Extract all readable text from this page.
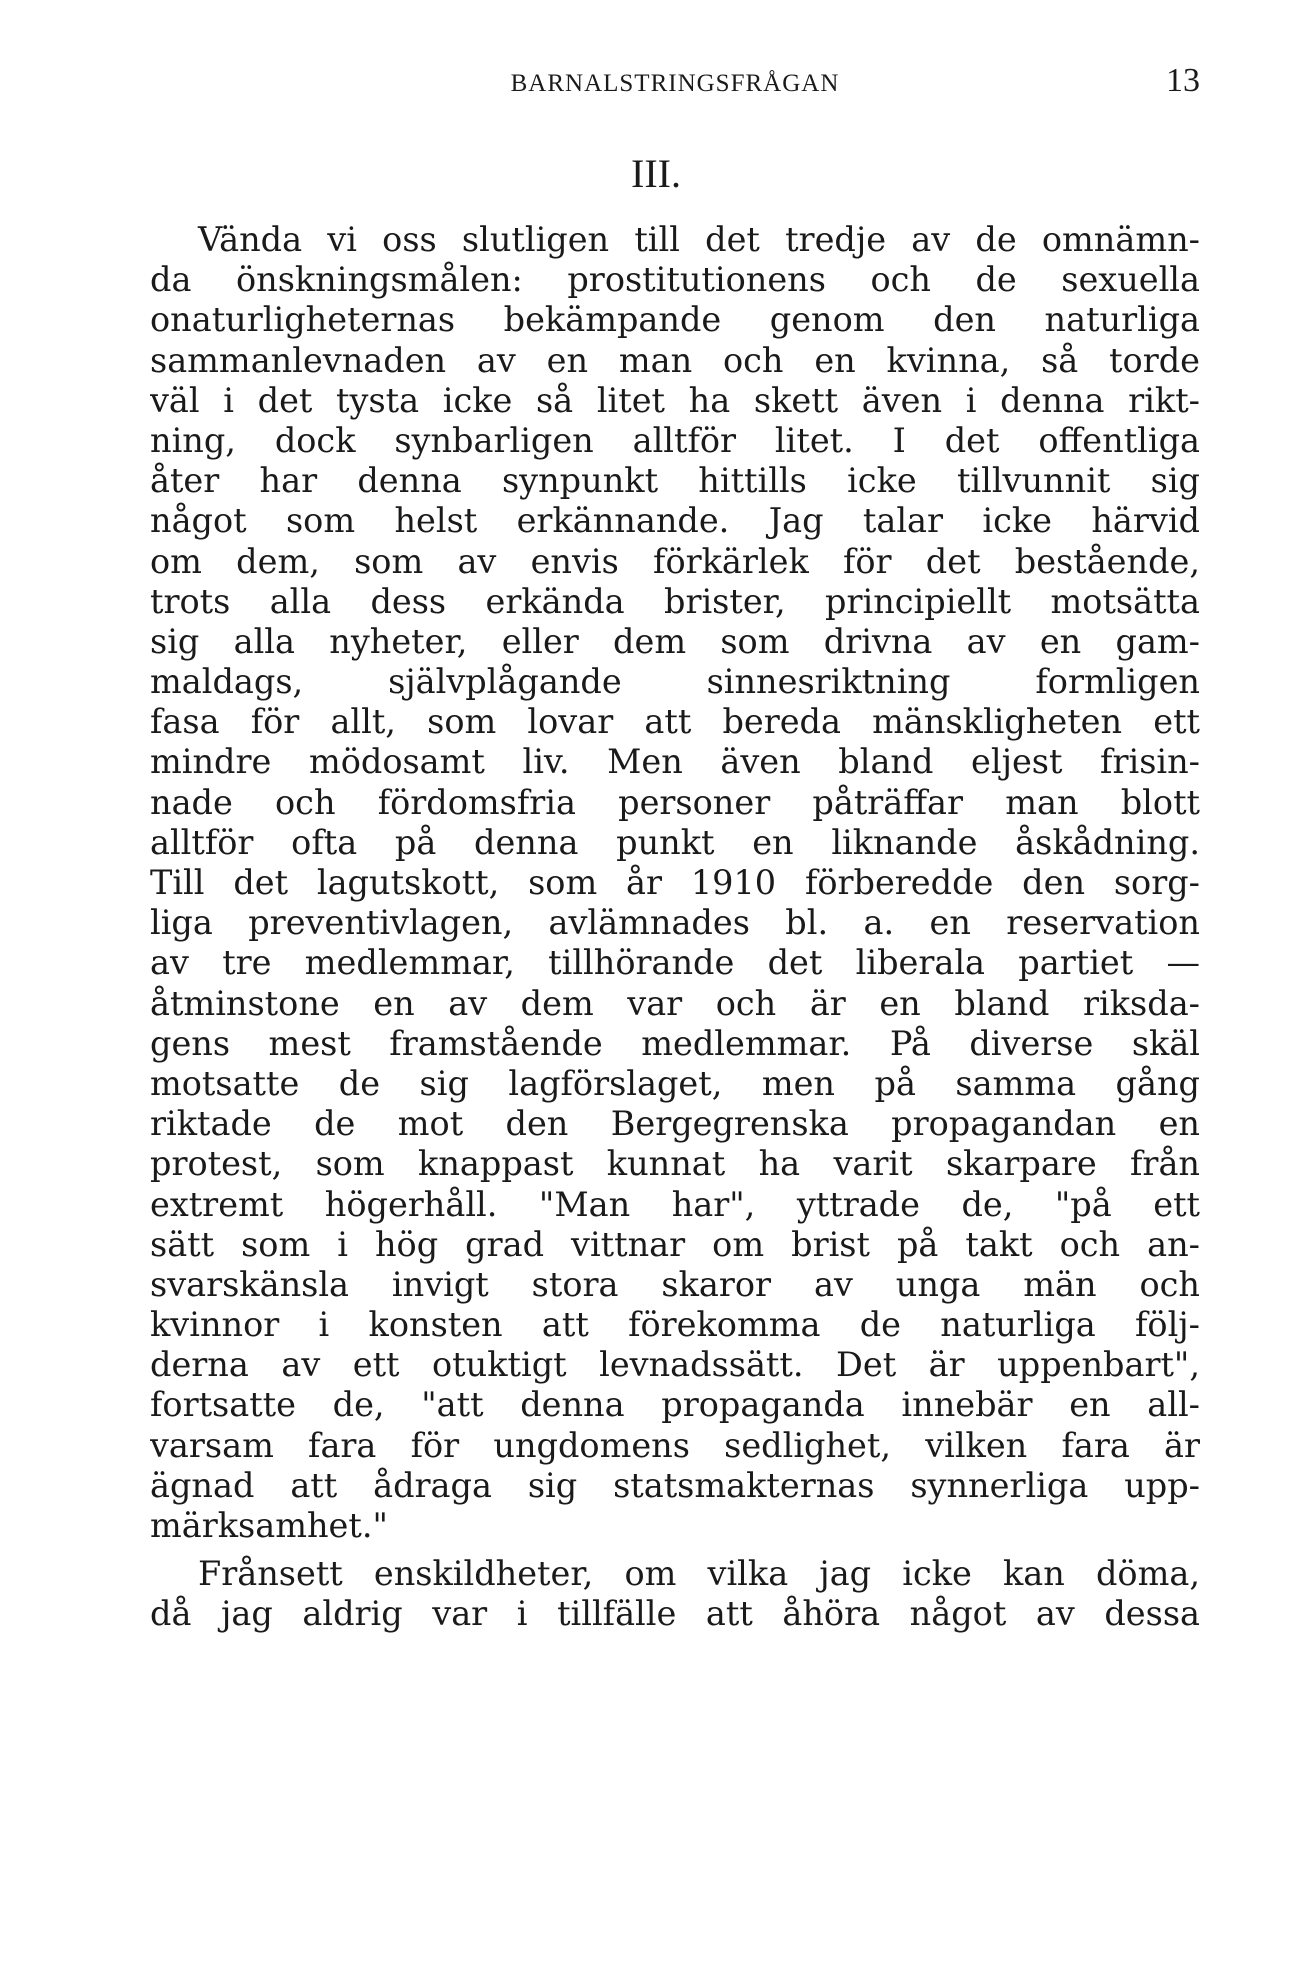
BARNALSTRINGSFRÅGAN	13
III.
Vända vi oss slutligen till det tredje av de omnämn-
da önskningsmålen: prostitutionens och de sexuella
onaturligheternas bekämpande genom den naturliga
sammanlevnaden av en man och en kvinna, så torde
väl i det tysta icke så litet ha skett även i denna rikt-
ning, dock synbarligen alltför litet. I det offentliga
åter har denna synpunkt hittills icke tillvunnit sig
något som helst erkännande. Jag talar icke härvid
om dem, som av envis förkärlek för det bestående,
trots alla dess erkända brister, principiellt motsätta
sig alla nyheter, eller dem som drivna av en gam-
maldags, självplågande sinnesriktning formligen
fasa för allt, som lovar att bereda mänskligheten ett
mindre mödosamt liv. Men även bland eljest frisin-
nade och fördomsfria personer påträffar man blott
alltför ofta på denna punkt en liknande åskådning.
Till det lagutskott, som år 1910 förberedde den sorg-
liga preventivlagen, avlämnades bl. a. en reservation
av tre medlemmar, tillhörande det liberala partiet —
åtminstone en av dem var och är en bland riksda-
gens mest framstående medlemmar. På diverse skäl
motsatte de sig lagförslaget, men på samma gång
riktade de mot den Bergegrenska propagandan en
protest, som knappast kunnat ha varit skarpare från
extremt högerhåll. "Man har", yttrade de, "på ett
sätt som i hög grad vittnar om brist på takt och an-
svarskänsla invigt stora skaror av unga män och
kvinnor i konsten att förekomma de naturliga följ-
derna av ett otuktigt levnadssätt. Det är uppenbart",
fortsatte de, "att denna propaganda innebär en all-
varsam fara för ungdomens sedlighet, vilken fara är
ägnad att ådraga sig statsmakternas synnerliga upp-
märksamhet."
Frånsett enskildheter, om vilka jag icke kan döma,
då jag aldrig var i tillfälle att åhöra något av dessa
